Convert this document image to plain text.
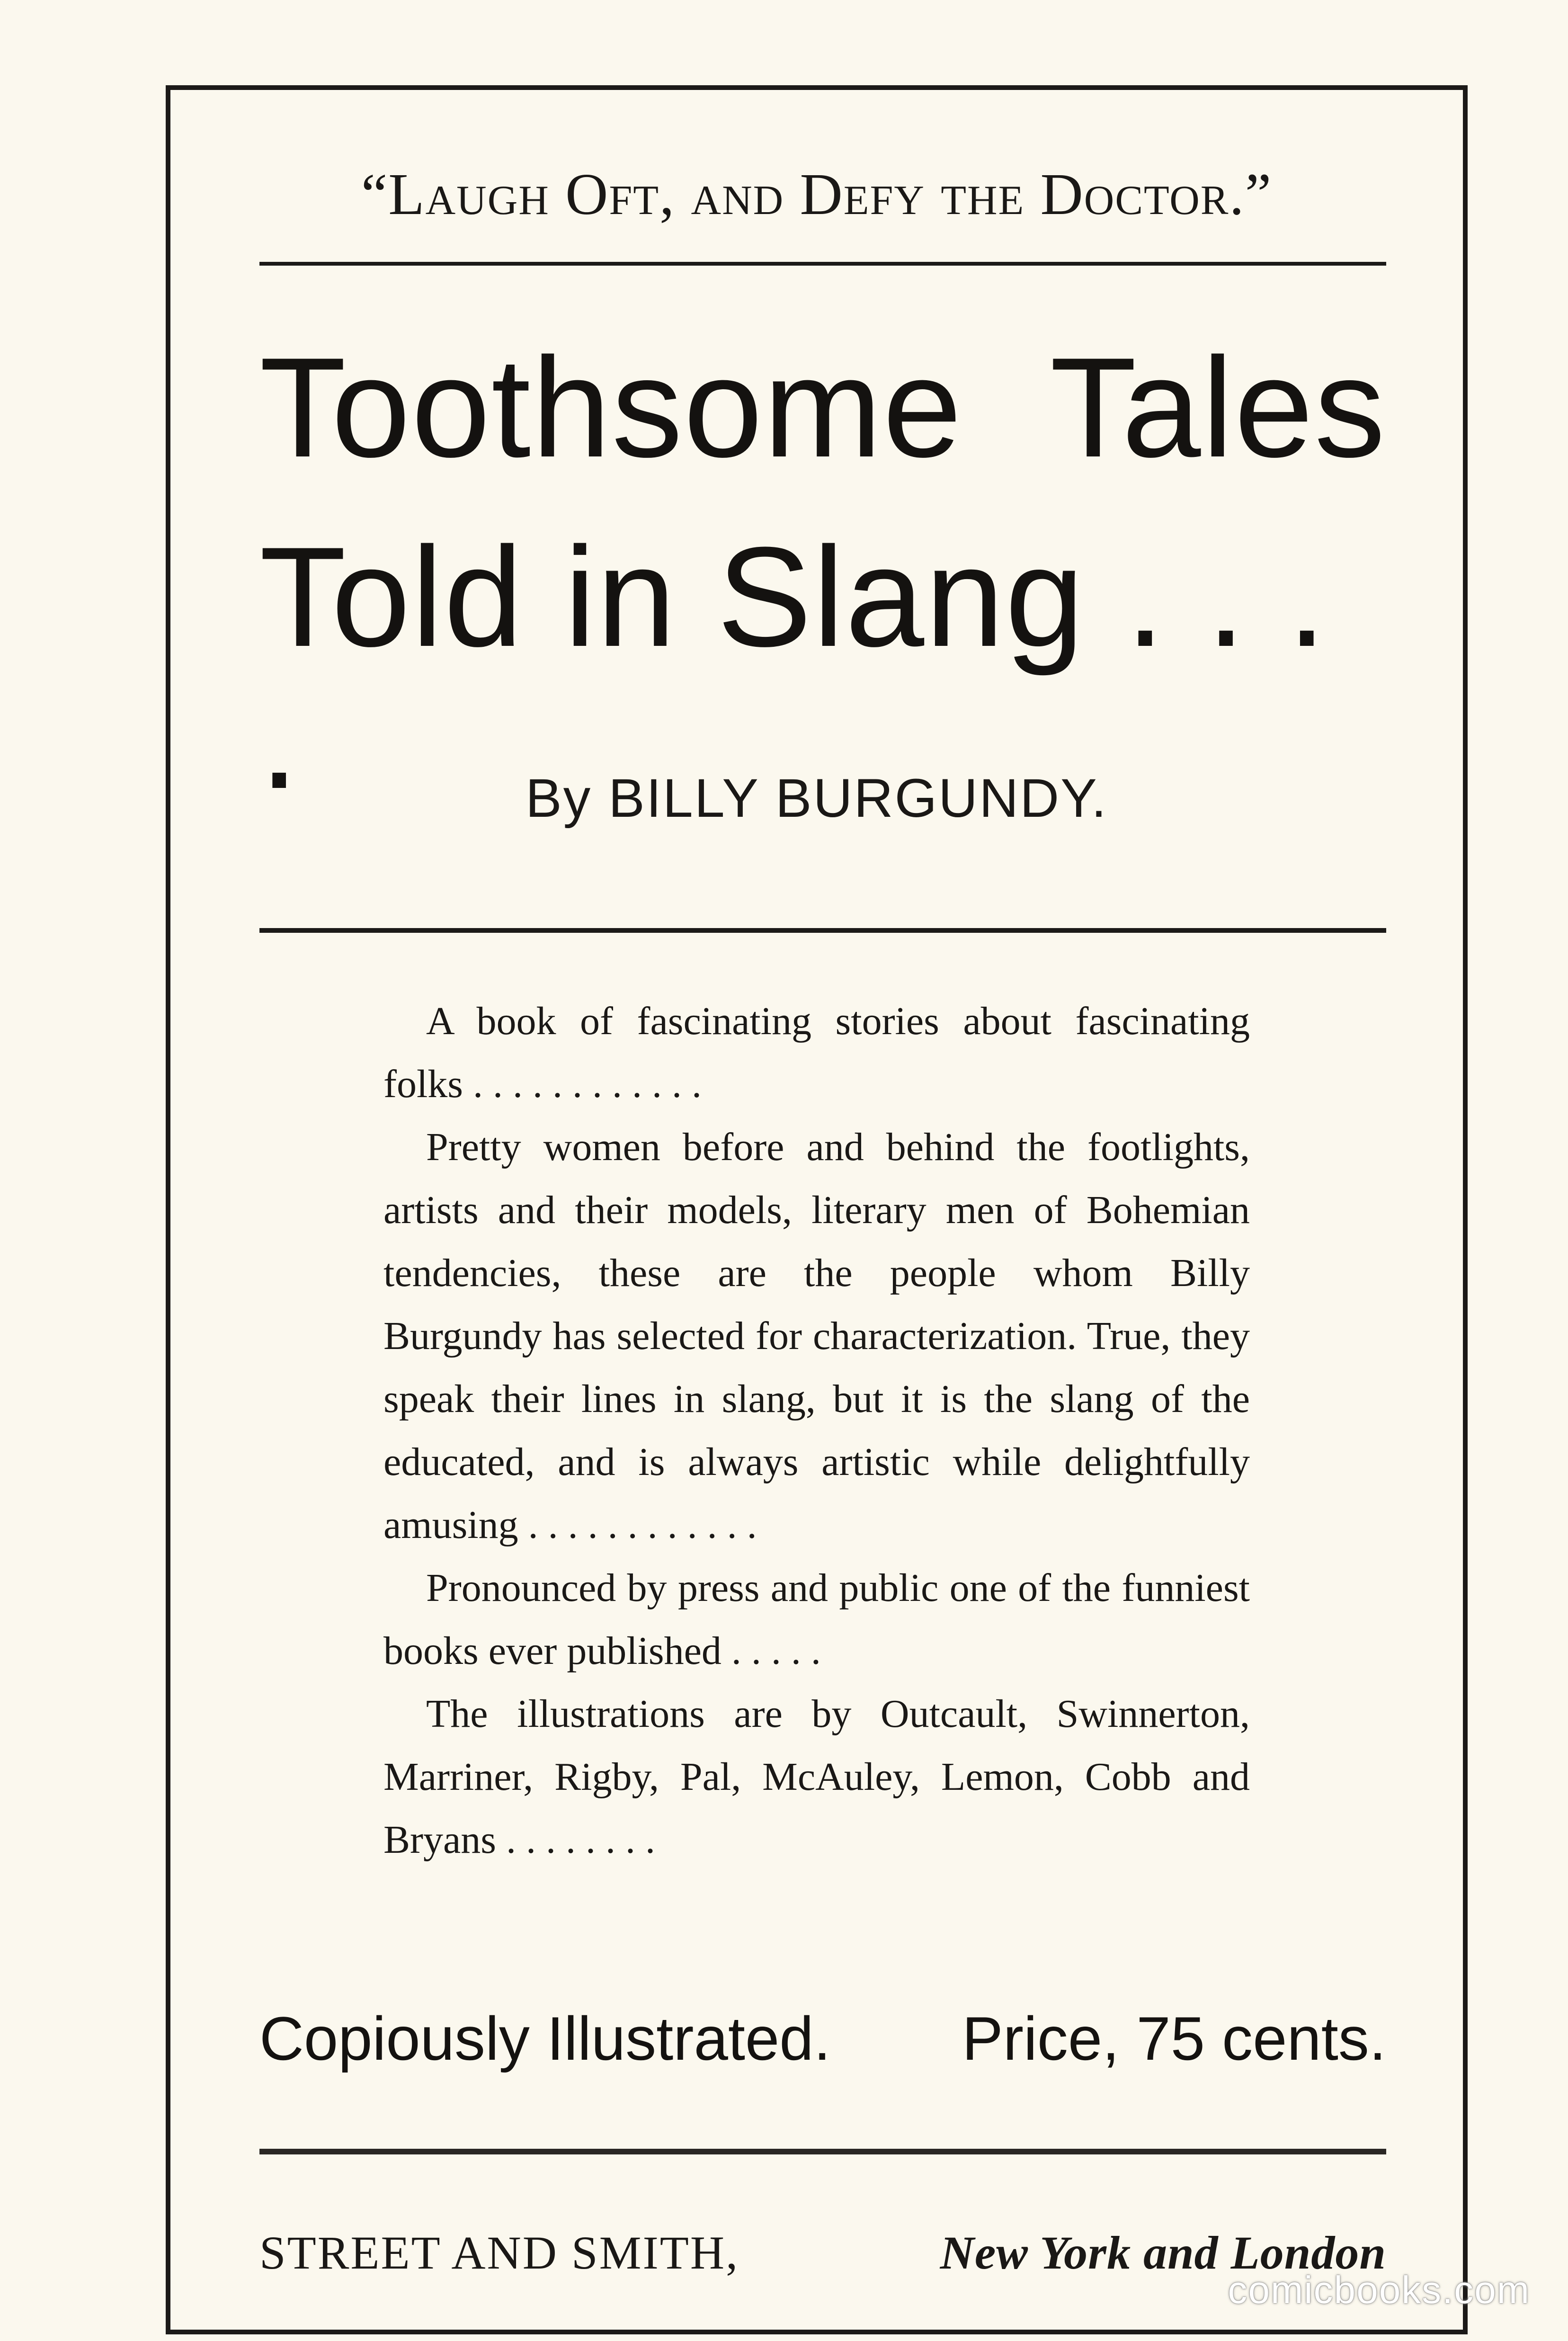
“Laugh Oft, and Defy the Doctor.”
Toothsome Tales
Told in Slang . . . .	By BILLY BURGUNDY.

A book of fascinating stories about fascinating folks . . . . . . . . . . . .

Pretty women before and behind the footlights, artists and their models, literary men of Bohemian tendencies, these are the people whom Billy Burgundy has selected for characterization. True, they speak their lines in slang, but it is the slang of the educated, and is always artistic while delightfully amusing . . . . . . . . . . . .

Pronounced by press and public one of the funniest books ever published . . . . .

The illustrations are by Outcault, Swinnerton, Marriner, Rigby, Pal, McAuley, Lemon, Cobb and Bryans . . . . . . . .

Copiously Illustrated. Price, 75 cents.
STREET AND SMITH,	New York and London
comicbooks.com
